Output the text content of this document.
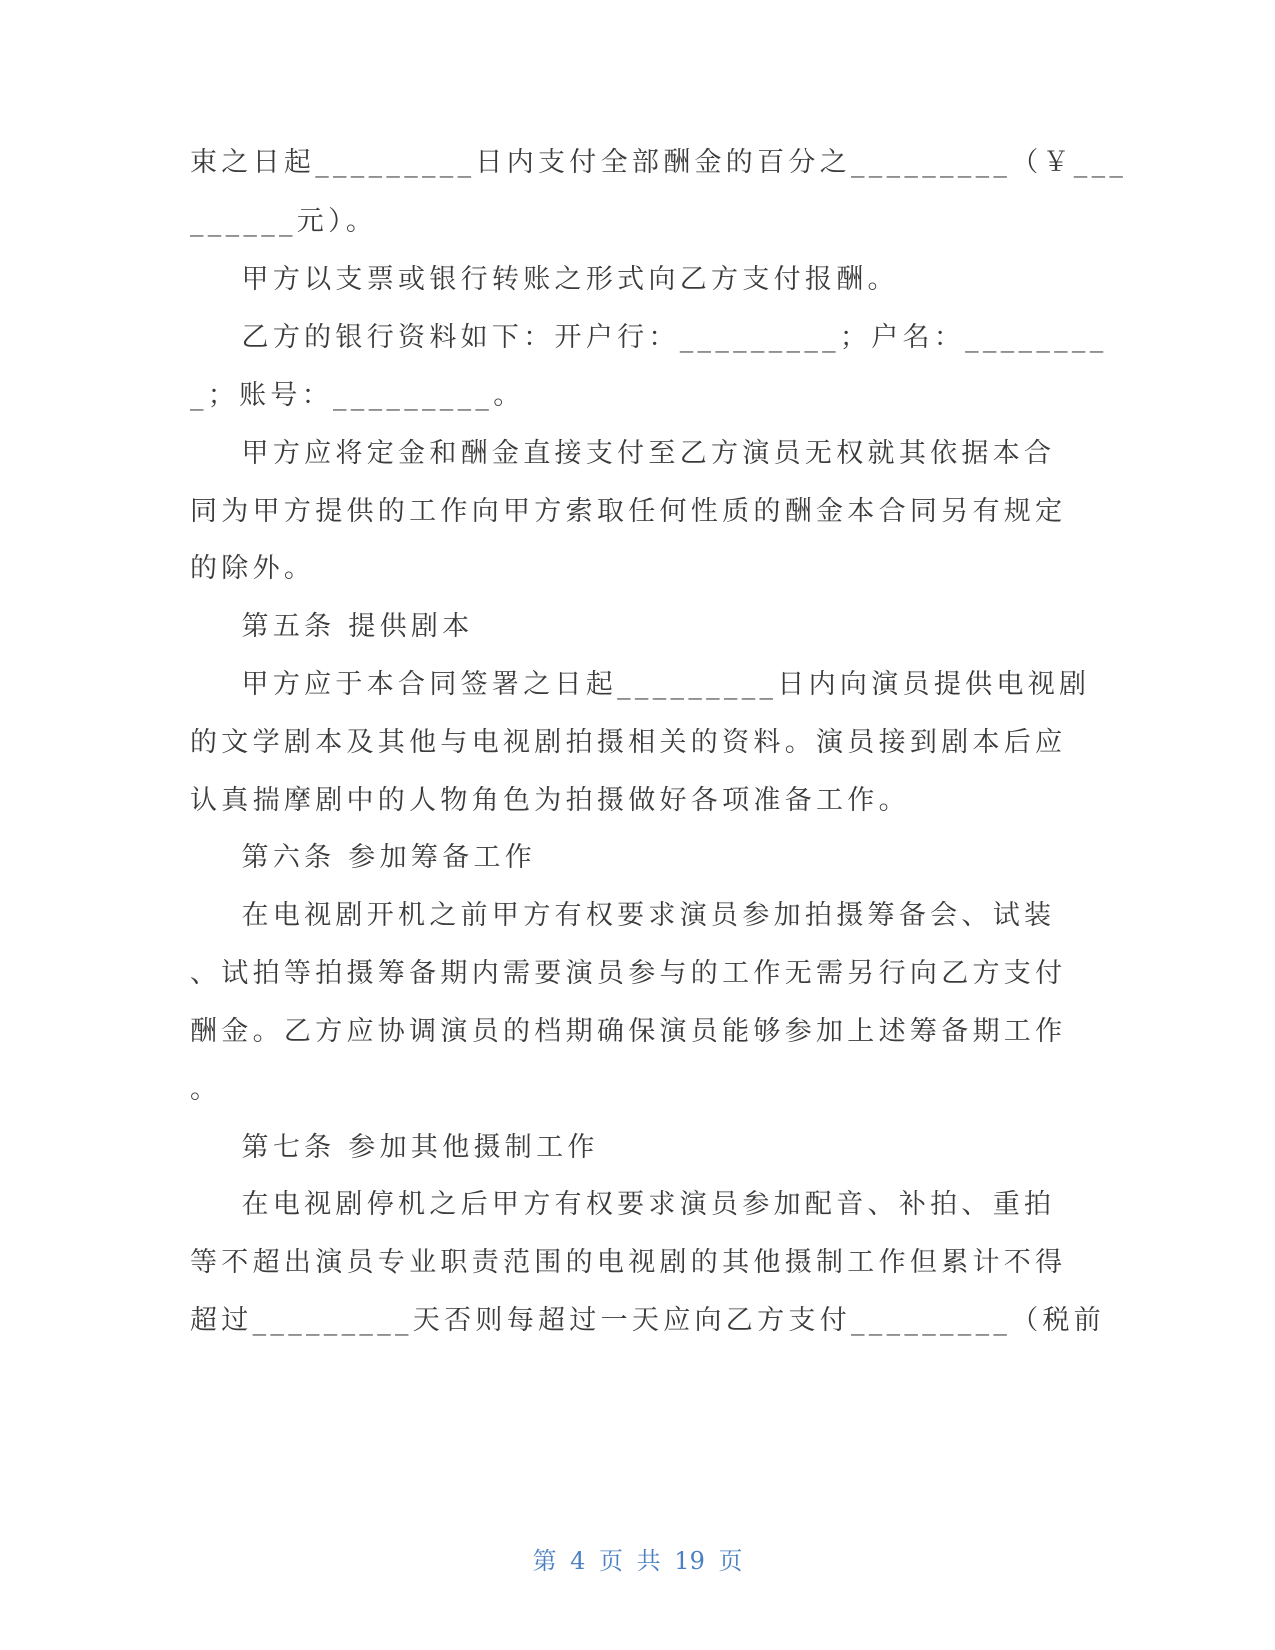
束之日起_________日内支付全部酬金的百分之_________（￥___
______元）。
甲方以支票或银行转账之形式向乙方支付报酬。
乙方的银行资料如下：开户行：_________；户名：________
_；账号：_________。
甲方应将定金和酬金直接支付至乙方演员无权就其依据本合
同为甲方提供的工作向甲方索取任何性质的酬金本合同另有规定
的除外。
第五条 提供剧本
甲方应于本合同签署之日起_________日内向演员提供电视剧
的文学剧本及其他与电视剧拍摄相关的资料。演员接到剧本后应
认真揣摩剧中的人物角色为拍摄做好各项准备工作。
第六条 参加筹备工作
在电视剧开机之前甲方有权要求演员参加拍摄筹备会、试装
、试拍等拍摄筹备期内需要演员参与的工作无需另行向乙方支付
酬金。乙方应协调演员的档期确保演员能够参加上述筹备期工作
。
第七条 参加其他摄制工作
在电视剧停机之后甲方有权要求演员参加配音、补拍、重拍
等不超出演员专业职责范围的电视剧的其他摄制工作但累计不得
超过_________天否则每超过一天应向乙方支付_________（税前
第 4 页 共 19 页
